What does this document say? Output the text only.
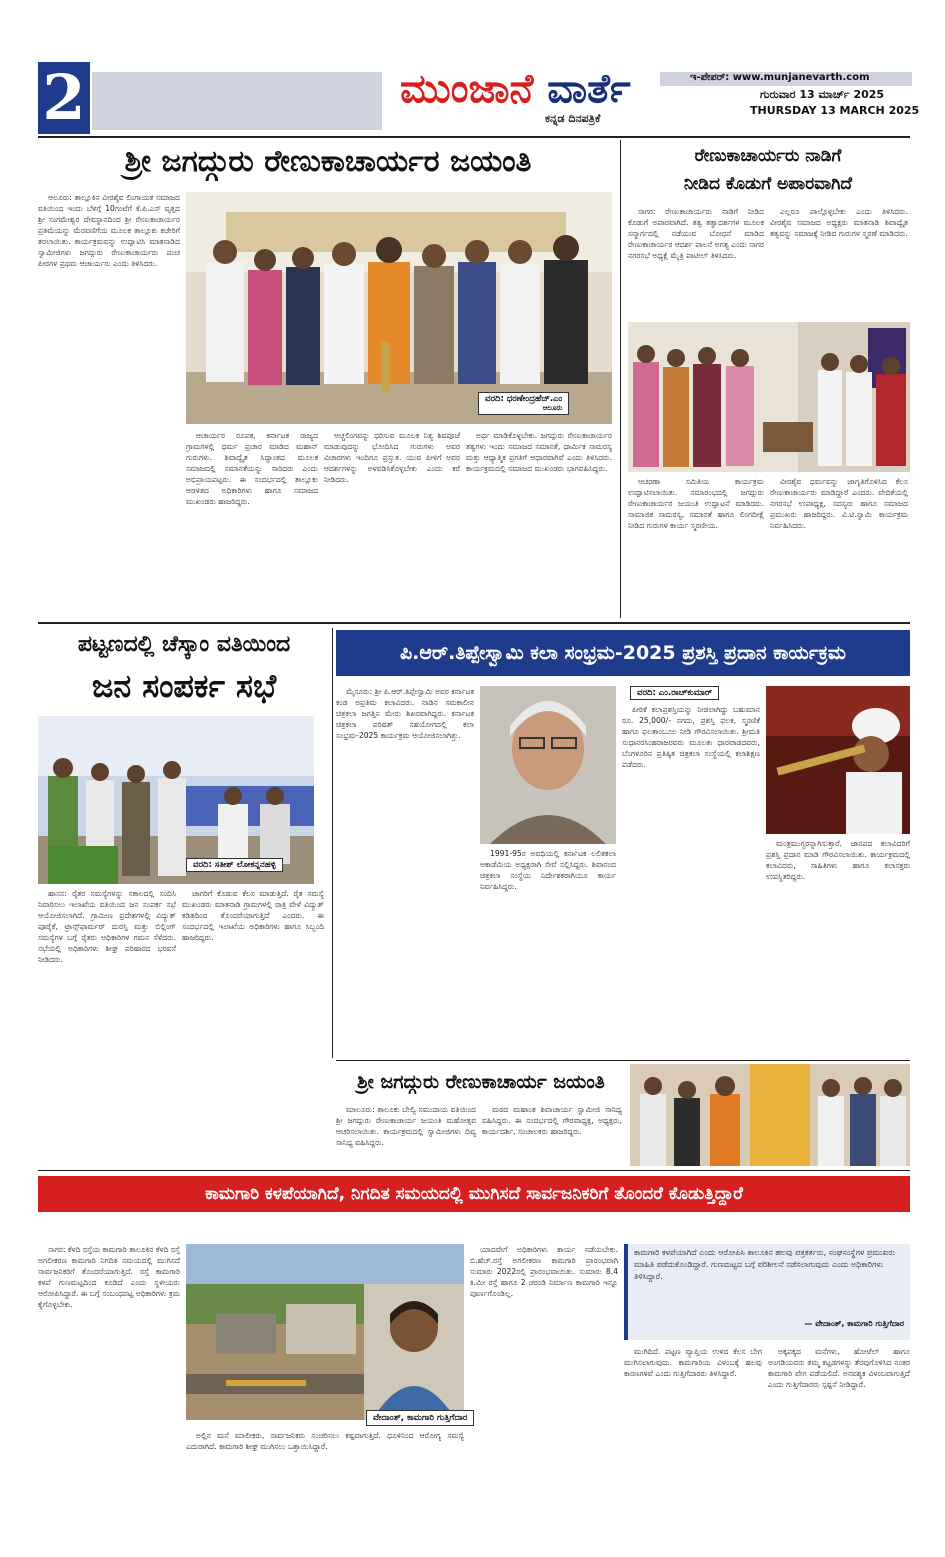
2	ಮುಂಜಾನೆ ವಾರ್ತೆ
ಕನ್ನಡ ದಿನಪತ್ರಿಕೆ
ಇ-ಪೇಪರ್: www.munjanevarth.com
ಗುರುವಾರ 13 ಮಾರ್ಚ್ 2025
THURSDAY 13 MARCH 2025
ಶ್ರೀ ಜಗದ್ಗುರು ರೇಣುಕಾಚಾರ್ಯರ ಜಯಂತಿ

ಆಲೂರು: ತಾಲ್ಲೂಕಿನ ವೀರಶೈವ ಲಿಂಗಾಯತ ಸಮಾಜದ ವತಿಯಿಂದ ಇಂದು ಬೆಳಗ್ಗೆ 10ಗಂಟೆಗೆ ಕೆ.ಪಿ.ಎಸ್ ವೃತ್ತದ ಶ್ರೀ ಸಂಗಮೇಶ್ವರ ದೇವಸ್ಥಾನದಿಂದ ಶ್ರೀ ರೇಣುಕಾಚಾರ್ಯರ ಪ್ರತಿಮೆಯನ್ನು ಮೆರವಣಿಗೆಯ ಮೂಲಕ ತಾಲ್ಲೂಕು ಕಚೇರಿಗೆ ತರಲಾಯಿತು. ಕಾರ್ಯಕ್ರಮವನ್ನು ಉದ್ಘಾಟಿಸಿ ಮಾತನಾಡಿದ ಸ್ವಾಮೀಜಿಗಳು ಜಗದ್ಗುರು ರೇಣುಕಾಚಾರ್ಯರು ಪಂಚ ಪೀಠಗಳ ಪ್ರಥಮ ಆಚಾರ್ಯರು ಎಂದು ತಿಳಿಸಿದರು.

ವರದಿ: ಧರಣೇಂದ್ರಹೆಚ್.ಎಂ
ಆಲೂರು

ಆಚಾರ್ಯರ ರೂಪಕ, ಕರ್ನಾಟಕ ರಾಜ್ಯದ ಗ್ರಾಮಗಳಲ್ಲಿ ಧರ್ಮ ಪ್ರಚಾರ ಮಾಡಿದ ಮಹಾನ್ ಗುರುಗಳು. ಶಿವಾದ್ವೈತ ಸಿದ್ಧಾಂತದ ಮೂಲಕ ಸಮಾಜದಲ್ಲಿ ಸಮಾನತೆಯನ್ನು ಸಾರಿದರು ಎಂದು ಅಭಿಪ್ರಾಯಪಟ್ಟರು. ಈ ಸಂದರ್ಭದಲ್ಲಿ ತಾಲ್ಲೂಕು ಆಡಳಿತದ ಅಧಿಕಾರಿಗಳು ಹಾಗೂ ಸಮಾಜದ ಮುಖಂಡರು ಹಾಜರಿದ್ದರು.

ಆಚ್ಚಲಿಂಗವನ್ನು ಧರಿಸುವ ಮೂಲಕ ನಿತ್ಯ ಶಿವಪೂಜೆ ಮಾಡುವುದನ್ನು ಭೋದಿಸಿದ ಗುರುಗಳು ಅವರ ವಿಚಾರಗಳು ಇಂದಿಗೂ ಪ್ರಸ್ತುತ. ಯುವ ಪೀಳಿಗೆ ಅವರ ಆದರ್ಶಗಳನ್ನು ಅಳವಡಿಸಿಕೊಳ್ಳಬೇಕು ಎಂದು ಕರೆ ನೀಡಿದರು.

ಅರ್ಥ ಮಾಡಿಕೊಳ್ಳಬೇಕು. ಜಗದ್ಗುರು ರೇಣುಕಾಚಾರ್ಯರ ತತ್ವಗಳು ಇಂದು ಸಮಾಜದ ಸಮಾನತೆ, ಧಾರ್ಮಿಕ ಸಾಮರಸ್ಯ ಮತ್ತು ಆಧ್ಯಾತ್ಮಿಕ ಪ್ರಗತಿಗೆ ಆಧಾರವಾಗಿವೆ ಎಂದು ತಿಳಿಸಿದರು. ಕಾರ್ಯಕ್ರಮದಲ್ಲಿ ಸಮಾಜದ ಮುಖಂಡರು ಭಾಗವಹಿಸಿದ್ದರು.

ರೇಣುಕಾಚಾರ್ಯರು ನಾಡಿಗೆ
ನೀಡಿದ ಕೊಡುಗೆ ಅಪಾರವಾಗಿದೆ

ಸಾಗರ: ರೇಣುಕಾಚಾರ್ಯರು ನಾಡಿಗೆ ನೀಡಿದ ಕೊಡುಗೆ ಅಪಾರವಾಗಿದೆ. ತತ್ವ ತತ್ವಾದರ್ಶಗಳ ಮೂಲಕ ಸನ್ಮಾರ್ಗದಲ್ಲಿ ನಡೆಯುವ ಬೋಧನೆ ಮಾಡಿದ ರೇಣುಕಾಚಾರ್ಯರ ಆದರ್ಶ ಪಾಲನೆ ಅಗತ್ಯ ಎಂದು ಸಾಗರ ನಗರಸಭೆ ಅಧ್ಯಕ್ಷೆ ಮೈತ್ರಿ ಪಾಟೀಲ್ ತಿಳಿಸಿದರು.

ಎಲ್ಲರೂ ಪಾಲ್ಗೊಳ್ಳಬೇಕು ಎಂದು ತಿಳಿಸಿದರು. ವೀರಶೈವ ಸಮಾಜದ ಅಧ್ಯಕ್ಷರು ಮಾತನಾಡಿ ಶಿವಾದ್ವೈತ ತತ್ವವನ್ನು ಸಮಾಜಕ್ಕೆ ನೀಡಿದ ಗುರುಗಳ ಸ್ಮರಣೆ ಮಾಡಿದರು.

ಆಚರಣಾ ಸಮಿತಿಯ ಕಾರ್ಯಕ್ರಮ ಉದ್ಘಾಟಿಸಲಾಯಿತು. ಸಮಾರಂಭದಲ್ಲಿ ಜಗದ್ಗುರು ರೇಣುಕಾಚಾರ್ಯರ ಜಯಂತಿ ಉದ್ಘಾಟನೆ ಮಾಡಿದರು. ಸಾಮಾಜಿಕ ಸಾಮರಸ್ಯ, ಸಮಾನತೆ ಹಾಗೂ ಲಿಂಗದೀಕ್ಷೆ ನೀಡಿದ ಗುರುಗಳ ಕಾರ್ಯ ಸ್ಮರಣೀಯ.

ವೀರಶೈವ ಧರ್ಮವನ್ನು ಜಾಗೃತಿಗೊಳಿಸಿದ ಕೆಲಸ ರೇಣುಕಾಚಾರ್ಯರು ಮಾಡಿದ್ದಾರೆ ಎಂದರು. ವೇದಿಕೆಯಲ್ಲಿ ನಗರಸಭೆ ಉಪಾಧ್ಯಕ್ಷ, ಸದಸ್ಯರು ಹಾಗೂ ಸಮಾಜದ ಪ್ರಮುಖರು ಹಾಜರಿದ್ದರು. ವಿ.ಟಿ.ಸ್ವಾಮಿ ಕಾರ್ಯಕ್ರಮ ನಿರ್ವಹಿಸಿದರು.

ಪಟ್ಟಣದಲ್ಲಿ ಚೆಸ್ಕಾಂ ವತಿಯಿಂದ
ಜನ ಸಂಪರ್ಕ ಸಭೆ
ವರದಿ: ಸತೀಶ್ ಲೋಕನ್ನನಹಳ್ಳಿ

ಹಾಸನ: ರೈತರ ಸಮಸ್ಯೆಗಳನ್ನು ಸಕಾಲದಲ್ಲಿ ಸಂದಿಸಿ ನಿವಾರಿಸಲು ಇಲಾಖೆಯ ವತಿಯಿಂದ ಜನ ಸಂಪರ್ಕ ಸಭೆ ಆಯೋಜಿಸಲಾಗಿದೆ. ಗ್ರಾಮೀಣ ಪ್ರದೇಶಗಳಲ್ಲಿ ವಿದ್ಯುತ್ ಪೂರೈಕೆ, ಟ್ರಾನ್ಸ್‌ಫಾರ್ಮರ್ ದುರಸ್ತಿ ಮತ್ತು ಬಿಲ್ಲಿಂಗ್ ಸಮಸ್ಯೆಗಳ ಬಗ್ಗೆ ರೈತರು ಅಧಿಕಾರಿಗಳ ಗಮನ ಸೆಳೆದರು. ಸಭೆಯಲ್ಲಿ ಅಧಿಕಾರಿಗಳು ಶೀಘ್ರ ಪರಿಹಾರದ ಭರವಸೆ ನೀಡಿದರು.

ಜಾಗರಿಗೆ ಕೊಡುವ ಕೆಲಸ ಮಾಡುತ್ತಿದೆ. ರೈತ ಸಮಸ್ಯೆ ಮುಖಂಡರು ಮಾತನಾಡಿ ಗ್ರಾಮಗಳಲ್ಲಿ ರಾತ್ರಿ ವೇಳೆ ವಿದ್ಯುತ್ ಕಡಿತದಿಂದ ತೊಂದರೆಯಾಗುತ್ತಿದೆ ಎಂದರು. ಈ ಸಂದರ್ಭದಲ್ಲಿ ಇಲಾಖೆಯ ಅಧಿಕಾರಿಗಳು ಹಾಗೂ ಸಿಬ್ಬಂದಿ ಹಾಜರಿದ್ದರು.

ಪಿ.ಆರ್.ತಿಪ್ಪೇಸ್ವಾಮಿ ಕಲಾ ಸಂಭ್ರಮ-2025 ಪ್ರಶಸ್ತಿ ಪ್ರದಾನ ಕಾರ್ಯಕ್ರಮ

ಮೈಸೂರು: ಶ್ರೀ ಪಿ.ಆರ್.ತಿಪ್ಪೇಸ್ವಾಮಿ ಅವರ ಕರ್ನಾಟಕ ಕಂಡ ಅಪ್ರತಿಮ ಕಲಾವಿದರು. ನಾಡಿನ ಸಮಕಾಲೀನ ಚಿತ್ರಕಲಾ ಜಗತ್ತಿನ ಮೇರು ಶಿಖರವಾಗಿದ್ದರು. ಕರ್ನಾಟಕ ಚಿತ್ರಕಲಾ ಪರಿಷತ್ ಸಹಯೋಗದಲ್ಲಿ ಕಲಾ ಸಂಭ್ರಮ-2025 ಕಾರ್ಯಕ್ರಮ ಆಯೋಜಿಸಲಾಗಿತ್ತು.

1991-95ರ ಅವಧಿಯಲ್ಲಿ ಕರ್ನಾಟಕ ಲಲಿತಕಲಾ ಅಕಾಡೆಮಿಯ ಅಧ್ಯಕ್ಷರಾಗಿ ಸೇವೆ ಸಲ್ಲಿಸಿದ್ದರು. ಶಿವಾನಂದ ಚಿತ್ರಕಲಾ ಸಂಸ್ಥೆಯ ನಿರ್ದೇಶಕರಾಗಿಯೂ ಕಾರ್ಯ ನಿರ್ವಹಿಸಿದ್ದರು.

ವರದಿ: ಎಂ.ರಾಚ್‌ಕುಮಾರ್

ಪೀಠಿಕೆ ಕಲಾಪ್ರಶಸ್ತಿಯನ್ನು ನೀಡಲಾಗಿದ್ದು ಬಹುಮಾನ ರೂ. 25,000/- ನಗದು, ಪ್ರಶಸ್ತಿ ಫಲಕ, ಸ್ಮರಣಿಕೆ ಹಾಗೂ ಫಲತಾಂಬೂಲ ನೀಡಿ ಗೌರವಿಸಲಾಯಿತು. ಶ್ರೀಮತಿ ಸುಧಾನರಸಿಂಹರಾಜರವರು ಮೂಲತಃ ಧಾರವಾಡದವರು, ಬೆಂಗಳೂರಿನ ಪ್ರತಿಷ್ಠಿತ ಚಿತ್ರಕಲಾ ಸಂಸ್ಥೆಯಲ್ಲಿ ಕಲಾಶಿಕ್ಷಣ ಪಡೆದರು.

ಮಂತ್ರಮುಗ್ಧರನ್ನಾಗಿಸುತ್ತಾರೆ. ಜಾನಪದ ಕಲಾವಿದರಿಗೆ ಪ್ರಶಸ್ತಿ ಪ್ರದಾನ ಮಾಡಿ ಗೌರವಿಸಲಾಯಿತು. ಕಾರ್ಯಕ್ರಮದಲ್ಲಿ ಕಲಾವಿದರು, ಸಾಹಿತಿಗಳು ಹಾಗೂ ಕಲಾಸಕ್ತರು ಉಪಸ್ಥಿತರಿದ್ದರು.

ಶ್ರೀ ಜಗದ್ಗುರು ರೇಣುಕಾಚಾರ್ಯ ಜಯಂತಿ

ಮಾಲೂರು: ತಾಲೂಕು ಬೇಲ್ವಿ ಸಮುದಾಯ ವತಿಯಿಂದ ಶ್ರೀ ಜಗದ್ಗುರು ರೇಣುಕಾಚಾರ್ಯ ಜಯಂತಿ ಮಹೋತ್ಸವ ಆಚರಿಸಲಾಯಿತು. ಕಾರ್ಯಕ್ರಮದಲ್ಲಿ ಸ್ವಾಮೀಜಿಗಳು ದಿವ್ಯ ಸಾನಿಧ್ಯ ವಹಿಸಿದ್ದರು.

ಮಠದ ಮಹಾಂತ ಶಿವಾಚಾರ್ಯ ಸ್ವಾಮೀಜಿ ಸಾನಿಧ್ಯ ವಹಿಸಿದ್ದರು. ಈ ಸಂದರ್ಭದಲ್ಲಿ ಗೌರವಾಧ್ಯಕ್ಷ, ಅಧ್ಯಕ್ಷರು, ಕಾರ್ಯದರ್ಶಿ, ಸಂಚಾಲಕರು ಹಾಜರಿದ್ದರು.

ಕಾಮಗಾರಿ ಕಳಪೆಯಾಗಿದೆ, ನಿಗದಿತ ಸಮಯದಲ್ಲಿ ಮುಗಿಸದೆ ಸಾರ್ವಜನಿಕರಿಗೆ ತೊಂದರೆ ಕೊಡುತ್ತಿದ್ದಾರೆ

ಸಾಗರ: ಕೆಳದಿ ರಸ್ತೆಯ ಕಾಮಗಾರಿ ತಾಲೂಕಿನ ಕೆಳದಿ ರಸ್ತೆ ಅಗಲೀಕರಣ ಕಾಮಗಾರಿ ನಿಗದಿತ ಸಮಯದಲ್ಲಿ ಮುಗಿಸದೆ ಸಾರ್ವಜನಿಕರಿಗೆ ತೊಂದರೆಯಾಗುತ್ತಿದೆ. ರಸ್ತೆ ಕಾಮಗಾರಿ ಕಳಪೆ ಗುಣಮಟ್ಟದಿಂದ ಕೂಡಿದೆ ಎಂದು ಸ್ಥಳೀಯರು ಆರೋಪಿಸಿದ್ದಾರೆ. ಈ ಬಗ್ಗೆ ಸಂಬಂಧಪಟ್ಟ ಅಧಿಕಾರಿಗಳು ಕ್ರಮ ಕೈಗೊಳ್ಳಬೇಕು.

ವೇದಾಂತ್, ಕಾಮಗಾರಿ ಗುತ್ತಿಗೆದಾರ

ಅಲ್ಲಿನ ಮನೆ ಮಾಲೀಕರು, ಸಾರ್ವಜನಿಕರು ಸಂಚರಿಸಲು ಕಷ್ಟವಾಗುತ್ತಿದೆ. ಧೂಳಿನಿಂದ ಆರೋಗ್ಯ ಸಮಸ್ಯೆ ಎದುರಾಗಿದೆ. ಕಾಮಗಾರಿ ಶೀಘ್ರ ಮುಗಿಸಲು ಒತ್ತಾಯಿಸಿದ್ದಾರೆ.

ಯಾದವೇಗೆ ಅಧಿಕಾರಿಗಳು ಕಾರ್ಯ ನಡೆಯಬೇಕು. ಬಿ.ಹೆಚ್.ರಸ್ತೆ ಅಗಲೀಕರಣ ಕಾಮಗಾರಿ ಪ್ರಾರಂಭವಾಗಿ ಸುಮಾರು 2022ರಲ್ಲಿ ಪ್ರಾರಂಭವಾಯಿತು. ಸುಮಾರು 8.4 ಕಿ.ಮೀ ರಸ್ತೆ ಹಾಗೂ 2 ಚರಂಡಿ ನಿರ್ಮಾಣ ಕಾಮಗಾರಿ ಇನ್ನೂ ಪೂರ್ಣಗೊಂಡಿಲ್ಲ.

ಕಾಮಗಾರಿ ಕಳಪೆಯಾಗಿದೆ ಎಂದು ಆರೋಪಿಸಿ ತಾಲೂಕಿನ ಹಲವು ಪತ್ರಕರ್ತರು, ಸಂಘಸಂಸ್ಥೆಗಳ ಪ್ರಮುಖರು ಮಾಹಿತಿ ಪಡೆದುಕೊಂಡಿದ್ದಾರೆ. ಗುಣಮಟ್ಟದ ಬಗ್ಗೆ ಪರಿಶೀಲನೆ ನಡೆಸಲಾಗುವುದು ಎಂದು ಅಧಿಕಾರಿಗಳು ತಿಳಿಸಿದ್ದಾರೆ.
— ವೇದಾಂತ್, ಕಾಮಗಾರಿ ಗುತ್ತಿಗೆದಾರ

ಮುಗಿದಿದೆ. ಪಟ್ಟಣ ವ್ಯಾಪ್ತಿಯ ಉಳಿದ ಕೆಲಸ ಬೇಗ ಮುಗಿಸಲಾಗುವುದು. ಕಾಮಗಾರಿಯ ವಿಳಂಬಕ್ಕೆ ಹಲವು ಕಾರಣಗಳಿವೆ ಎಂದು ಗುತ್ತಿಗೆದಾರರು ತಿಳಿಸಿದ್ದಾರೆ.

ಅಕ್ಕಪಕ್ಕದ ಮನೆಗಳು, ಹೋಟೆಲ್ ಹಾಗೂ ಅಂಗಡಿಯವರು ತಮ್ಮ ಕಟ್ಟಡಗಳನ್ನು ತೆರವುಗೊಳಿಸಿದ ನಂತರ ಕಾಮಗಾರಿ ವೇಗ ಪಡೆಯಲಿದೆ. ಅನವಶ್ಯಕ ವಿಳಂಬವಾಗುತ್ತಿದೆ ಎಂದು ಗುತ್ತಿಗೆದಾರರು ಸ್ಪಷ್ಟನೆ ನೀಡಿದ್ದಾರೆ.
